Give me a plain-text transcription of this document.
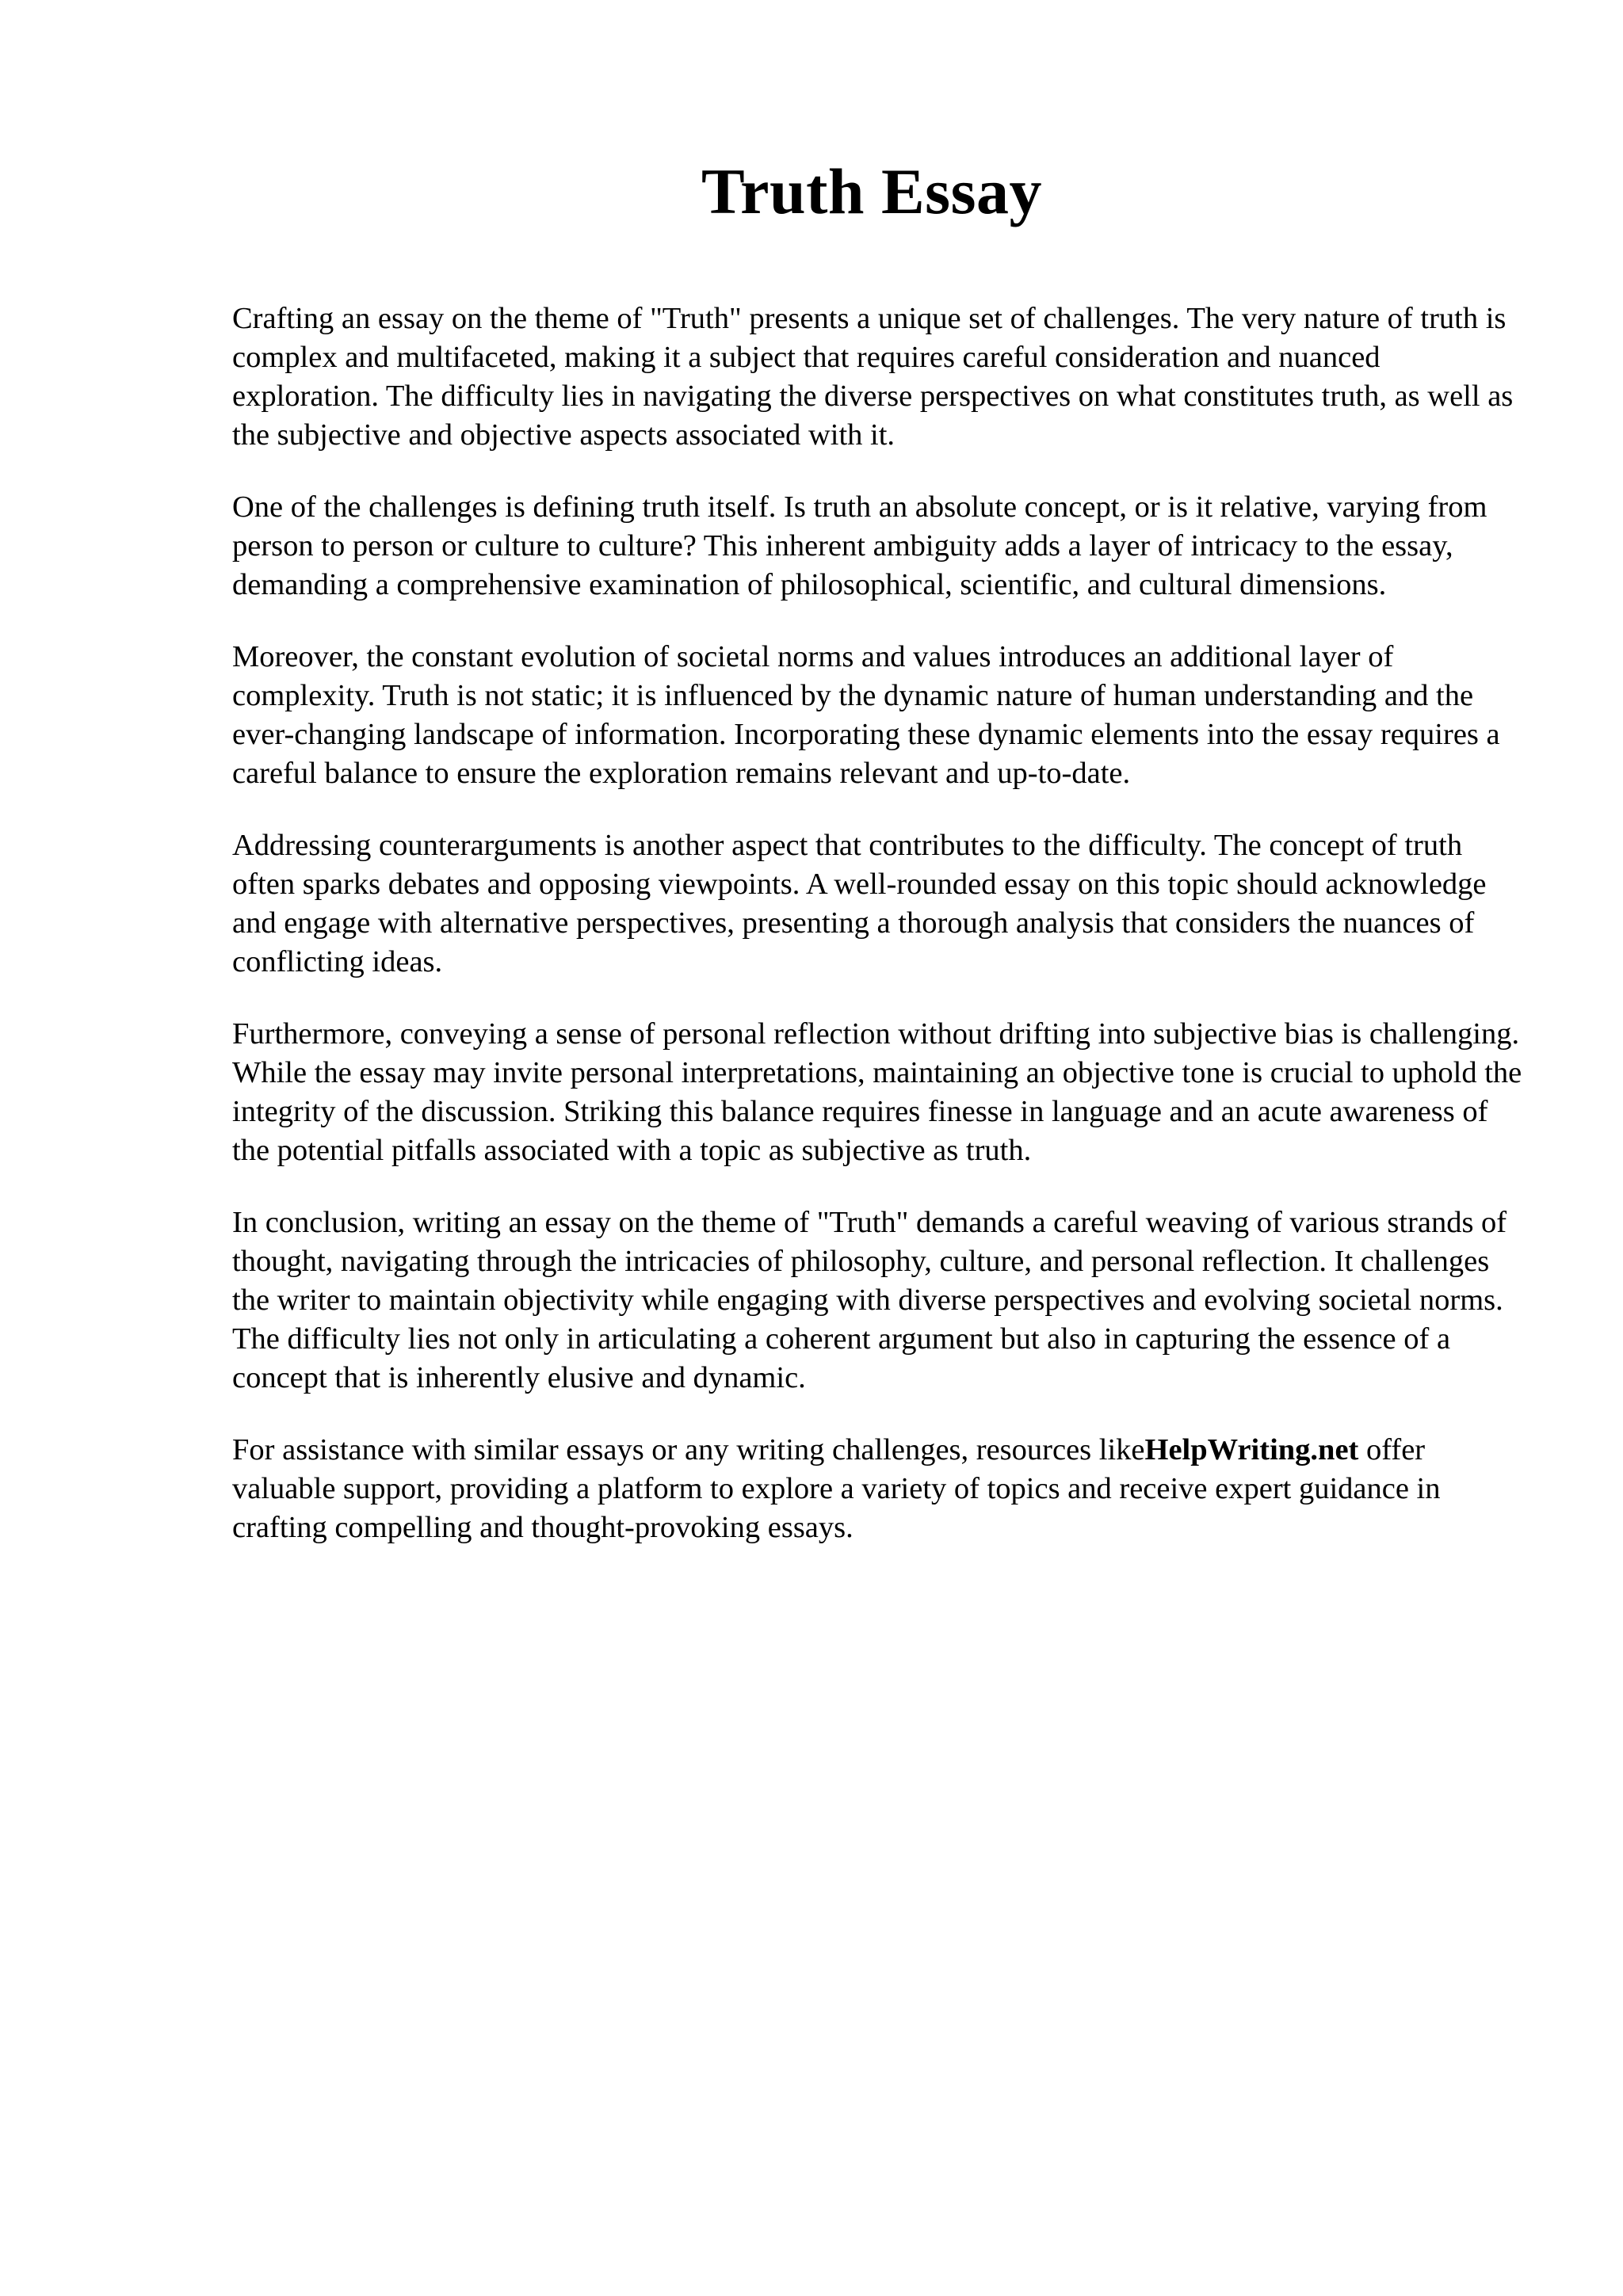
Truth Essay

Crafting an essay on the theme of "Truth" presents a unique set of challenges. The very nature of truth is complex and multifaceted, making it a subject that requires careful consideration and nuanced exploration. The difficulty lies in navigating the diverse perspectives on what constitutes truth, as well as the subjective and objective aspects associated with it.

One of the challenges is defining truth itself. Is truth an absolute concept, or is it relative, varying from person to person or culture to culture? This inherent ambiguity adds a layer of intricacy to the essay, demanding a comprehensive examination of philosophical, scientific, and cultural dimensions.

Moreover, the constant evolution of societal norms and values introduces an additional layer of complexity. Truth is not static; it is influenced by the dynamic nature of human understanding and the ever-changing landscape of information. Incorporating these dynamic elements into the essay requires a careful balance to ensure the exploration remains relevant and up-to-date.

Addressing counterarguments is another aspect that contributes to the difficulty. The concept of truth often sparks debates and opposing viewpoints. A well-rounded essay on this topic should acknowledge and engage with alternative perspectives, presenting a thorough analysis that considers the nuances of conflicting ideas.

Furthermore, conveying a sense of personal reflection without drifting into subjective bias is challenging. While the essay may invite personal interpretations, maintaining an objective tone is crucial to uphold the integrity of the discussion. Striking this balance requires finesse in language and an acute awareness of the potential pitfalls associated with a topic as subjective as truth.

In conclusion, writing an essay on the theme of "Truth" demands a careful weaving of various strands of thought, navigating through the intricacies of philosophy, culture, and personal reflection. It challenges the writer to maintain objectivity while engaging with diverse perspectives and evolving societal norms. The difficulty lies not only in articulating a coherent argument but also in capturing the essence of a concept that is inherently elusive and dynamic.

For assistance with similar essays or any writing challenges, resources likeHelpWriting.net offer valuable support, providing a platform to explore a variety of topics and receive expert guidance in crafting compelling and thought-provoking essays.
